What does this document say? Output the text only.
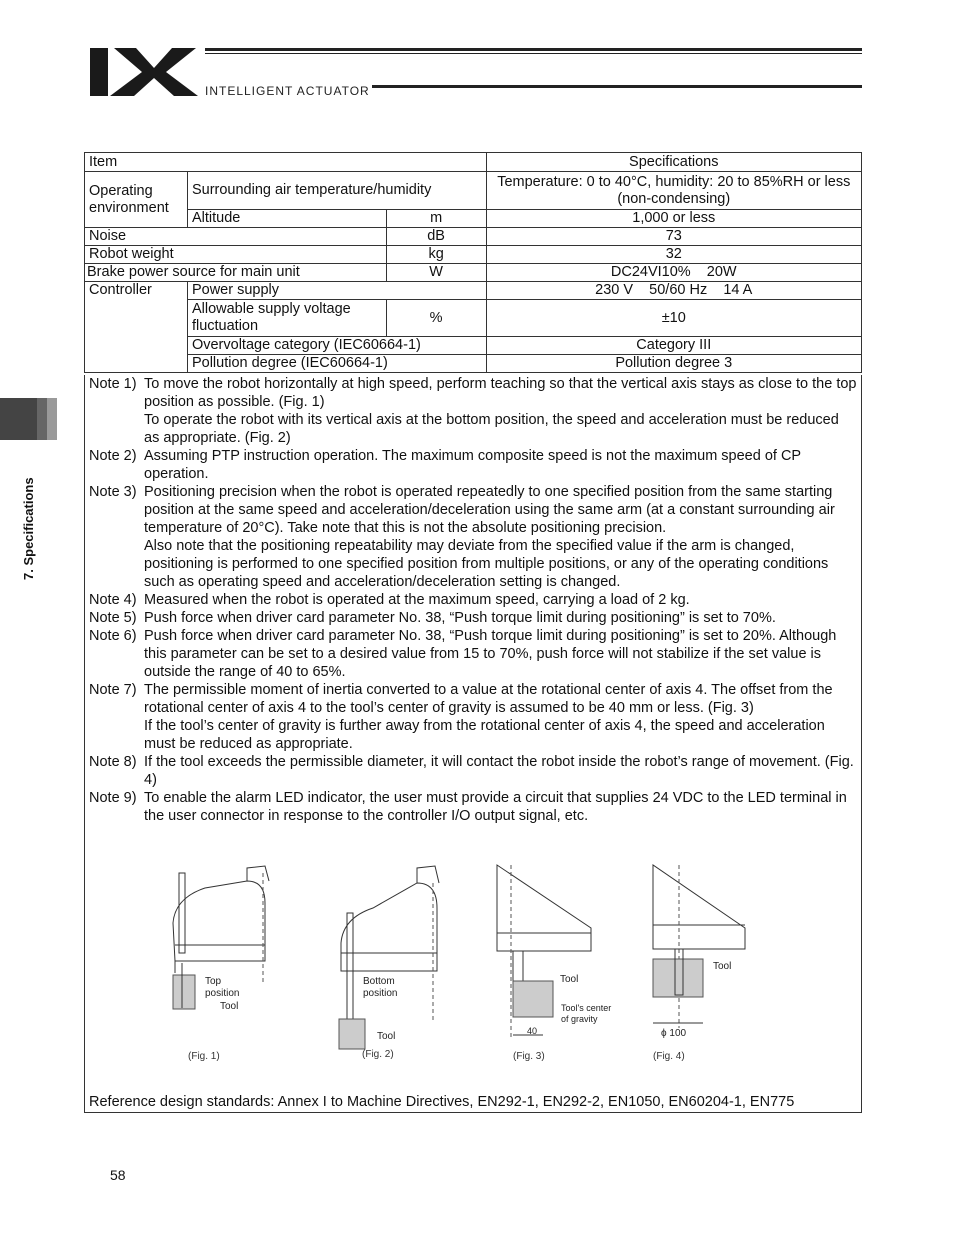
INTELLIGENT ACTUATOR
7. Specifications
Item			Specifications
Operating environment	Surrounding air temperature/humidity		Temperature: 0 to 40°C, humidity: 20 to 85%RH or less (non-condensing)
	Altitude	m	1,000 or less
Noise		dB	73
Robot weight		kg	32
Brake power source for main unit		W	DC24VI10%    20W
Controller	Power supply		230 V    50/60 Hz    14 A
	Allowable supply voltage fluctuation	%	±10
	Overvoltage category (IEC60664-1)		Category III
	Pollution degree (IEC60664-1)		Pollution degree 3
Note 1) To move the robot horizontally at high speed, perform teaching so that the vertical axis stays as close to the top position as possible. (Fig. 1)

To operate the robot with its vertical axis at the bottom position, the speed and acceleration must be reduced as appropriate. (Fig. 2)

Note 2) Assuming PTP instruction operation. The maximum composite speed is not the maximum speed of CP operation.

Note 3) Positioning precision when the robot is operated repeatedly to one specified position from the same starting position at the same speed and acceleration/deceleration using the same arm (at a constant surrounding air temperature of 20°C). Take note that this is not the absolute positioning precision.

Also note that the positioning repeatability may deviate from the specified value if the arm is changed, positioning is performed to one specified position from multiple positions, or any of the operating conditions such as operating speed and acceleration/deceleration setting is changed.

Note 4) Measured when the robot is operated at the maximum speed, carrying a load of 2 kg.

Note 5) Push force when driver card parameter No. 38, “Push torque limit during positioning” is set to 70%.

Note 6) Push force when driver card parameter No. 38, “Push torque limit during positioning” is set to 20%. Although this parameter can be set to a desired value from 15 to 70%, push force will not stabilize if the set value is outside the range of 40 to 65%.

Note 7) The permissible moment of inertia converted to a value at the rotational center of axis 4. The offset from the rotational center of axis 4 to the tool’s center of gravity is assumed to be 40 mm or less. (Fig. 3)

If the tool’s center of gravity is further away from the rotational center of axis 4, the speed and acceleration must be reduced as appropriate.

Note 8) If the tool exceeds the permissible diameter, it will contact the robot inside the robot’s range of movement. (Fig. 4)

Note 9) To enable the alarm LED indicator, the user must provide a circuit that supplies 24 VDC to the LED terminal in the user connector in response to the controller I/O output signal, etc.

Top
position
Tool
(Fig. 1)
Bottom
position
Tool
(Fig. 2)
Tool
Tool's center
of gravity
40
(Fig. 3)
Tool
ϕ 100
(Fig. 4)
Reference design standards: Annex I to Machine Directives, EN292-1, EN292-2, EN1050, EN60204-1, EN775
58
